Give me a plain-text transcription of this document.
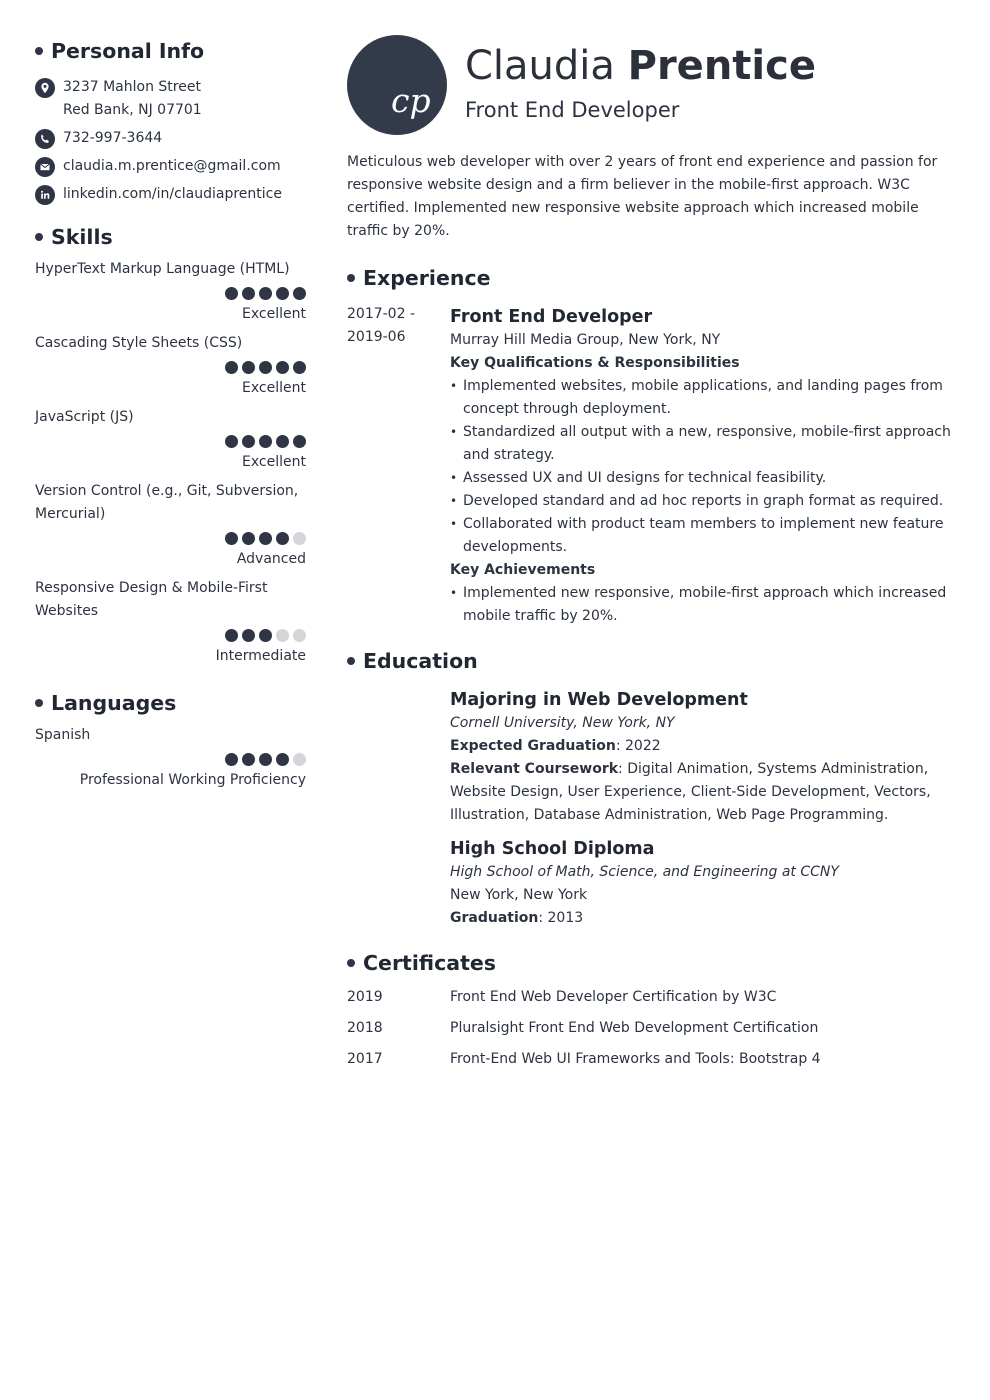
Personal Info
3237 Mahlon Street
Red Bank, NJ 07701
732-997-3644
claudia.m.prentice@gmail.com
linkedin.com/in/claudiaprentice
Skills
HyperText Markup Language (HTML)
Excellent
Cascading Style Sheets (CSS)
Excellent
JavaScript (JS)
Excellent
Version Control (e.g., Git, Subversion, Mercurial)
Advanced
Responsive Design & Mobile-First Websites
Intermediate
Languages
Spanish
Professional Working Proficiency
cp
Claudia Prentice
Front End Developer
Meticulous web developer with over 2 years of front end experience and passion for responsive website design and a firm believer in the mobile-first approach. W3C certified. Implemented new responsive website approach which increased mobile traffic by 20%.
Experience
2017-02 -
2019-06
Front End Developer
Murray Hill Media Group, New York, NY
Key Qualifications & Responsibilities
• Implemented websites, mobile applications, and landing pages from concept through deployment.
• Standardized all output with a new, responsive, mobile-first approach and strategy.
• Assessed UX and UI designs for technical feasibility.
• Developed standard and ad hoc reports in graph format as required.
• Collaborated with product team members to implement new feature developments.
Key Achievements
• Implemented new responsive, mobile-first approach which increased mobile traffic by 20%.
Education
Majoring in Web Development
Cornell University, New York, NY
Expected Graduation: 2022
Relevant Coursework: Digital Animation, Systems Administration, Website Design, User Experience, Client-Side Development, Vectors, Illustration, Database Administration, Web Page Programming.
High School Diploma
High School of Math, Science, and Engineering at CCNY
New York, New York
Graduation: 2013
Certificates
2019	Front End Web Developer Certification by W3C
2018	Pluralsight Front End Web Development Certification
2017	Front-End Web UI Frameworks and Tools: Bootstrap 4
